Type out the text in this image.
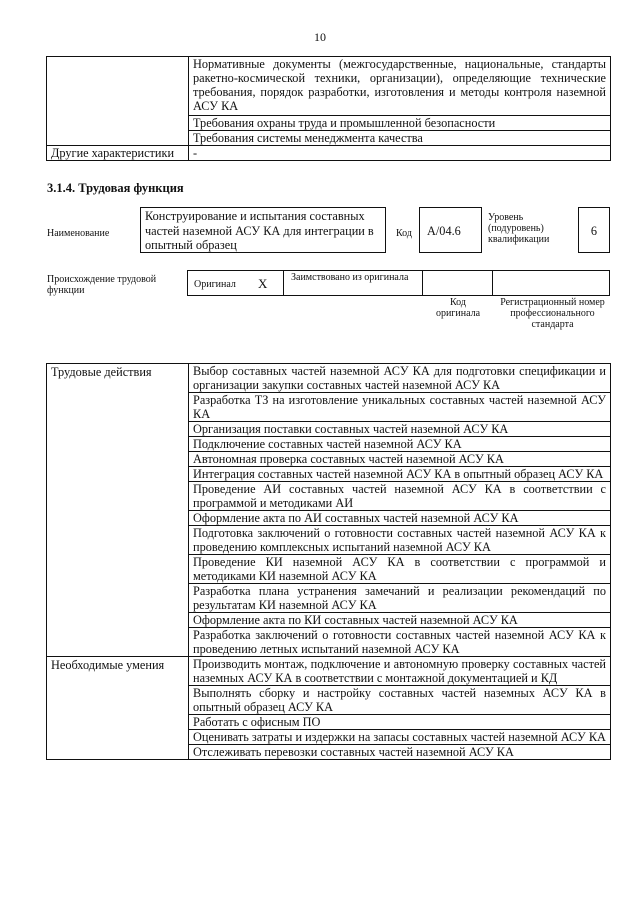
10
	Нормативные документы (межгосударственные, национальные, стандарты ракетно-космической техники, организации), определяющие технические требования, порядок разработки, изготовления и методы контроля наземной АСУ КА
	Требования охраны труда и промышленной безопасности
	Требования системы менеджмента качества
Другие характеристики	-
3.1.4. Трудовая функция
Наименование
Конструирование и испытания составных частей наземной АСУ КА для интеграции в опытный образец
Код	A/04.6
Уровень (подуровень) квалификации
6
Происхождение трудовой функции
Оригинал X Заимствовано из оригинала
Код оригинала
Регистрационный номер профессионального стандарта
Трудовые действия	Выбор составных частей наземной АСУ КА для подготовки спецификации и организации закупки составных частей наземной АСУ КА
	Разработка ТЗ на изготовление уникальных составных частей наземной АСУ КА
	Организация поставки составных частей наземной АСУ КА
	Подключение составных частей наземной АСУ КА
	Автономная проверка составных частей наземной АСУ КА
	Интеграция составных частей наземной АСУ КА в опытный образец АСУ КА
	Проведение АИ составных частей наземной АСУ КА в соответствии с программой и методиками АИ
	Оформление акта по АИ составных частей наземной АСУ КА
	Подготовка заключений о готовности составных частей наземной АСУ КА к проведению комплексных испытаний наземной АСУ КА
	Проведение КИ наземной АСУ КА в соответствии с программой и методиками КИ наземной АСУ КА
	Разработка плана устранения замечаний и реализации рекомендаций по результатам КИ наземной АСУ КА
	Оформление акта по КИ составных частей наземной АСУ КА
	Разработка заключений о готовности составных частей наземной АСУ КА к проведению летных испытаний наземной АСУ КА
Необходимые умения	Производить монтаж, подключение и автономную проверку составных частей наземных АСУ КА в соответствии с монтажной документацией и КД
	Выполнять сборку и настройку составных частей наземных АСУ КА в опытный образец АСУ КА
	Работать с офисным ПО
	Оценивать затраты и издержки на запасы составных частей наземной АСУ КА
	Отслеживать перевозки составных частей наземной АСУ КА
